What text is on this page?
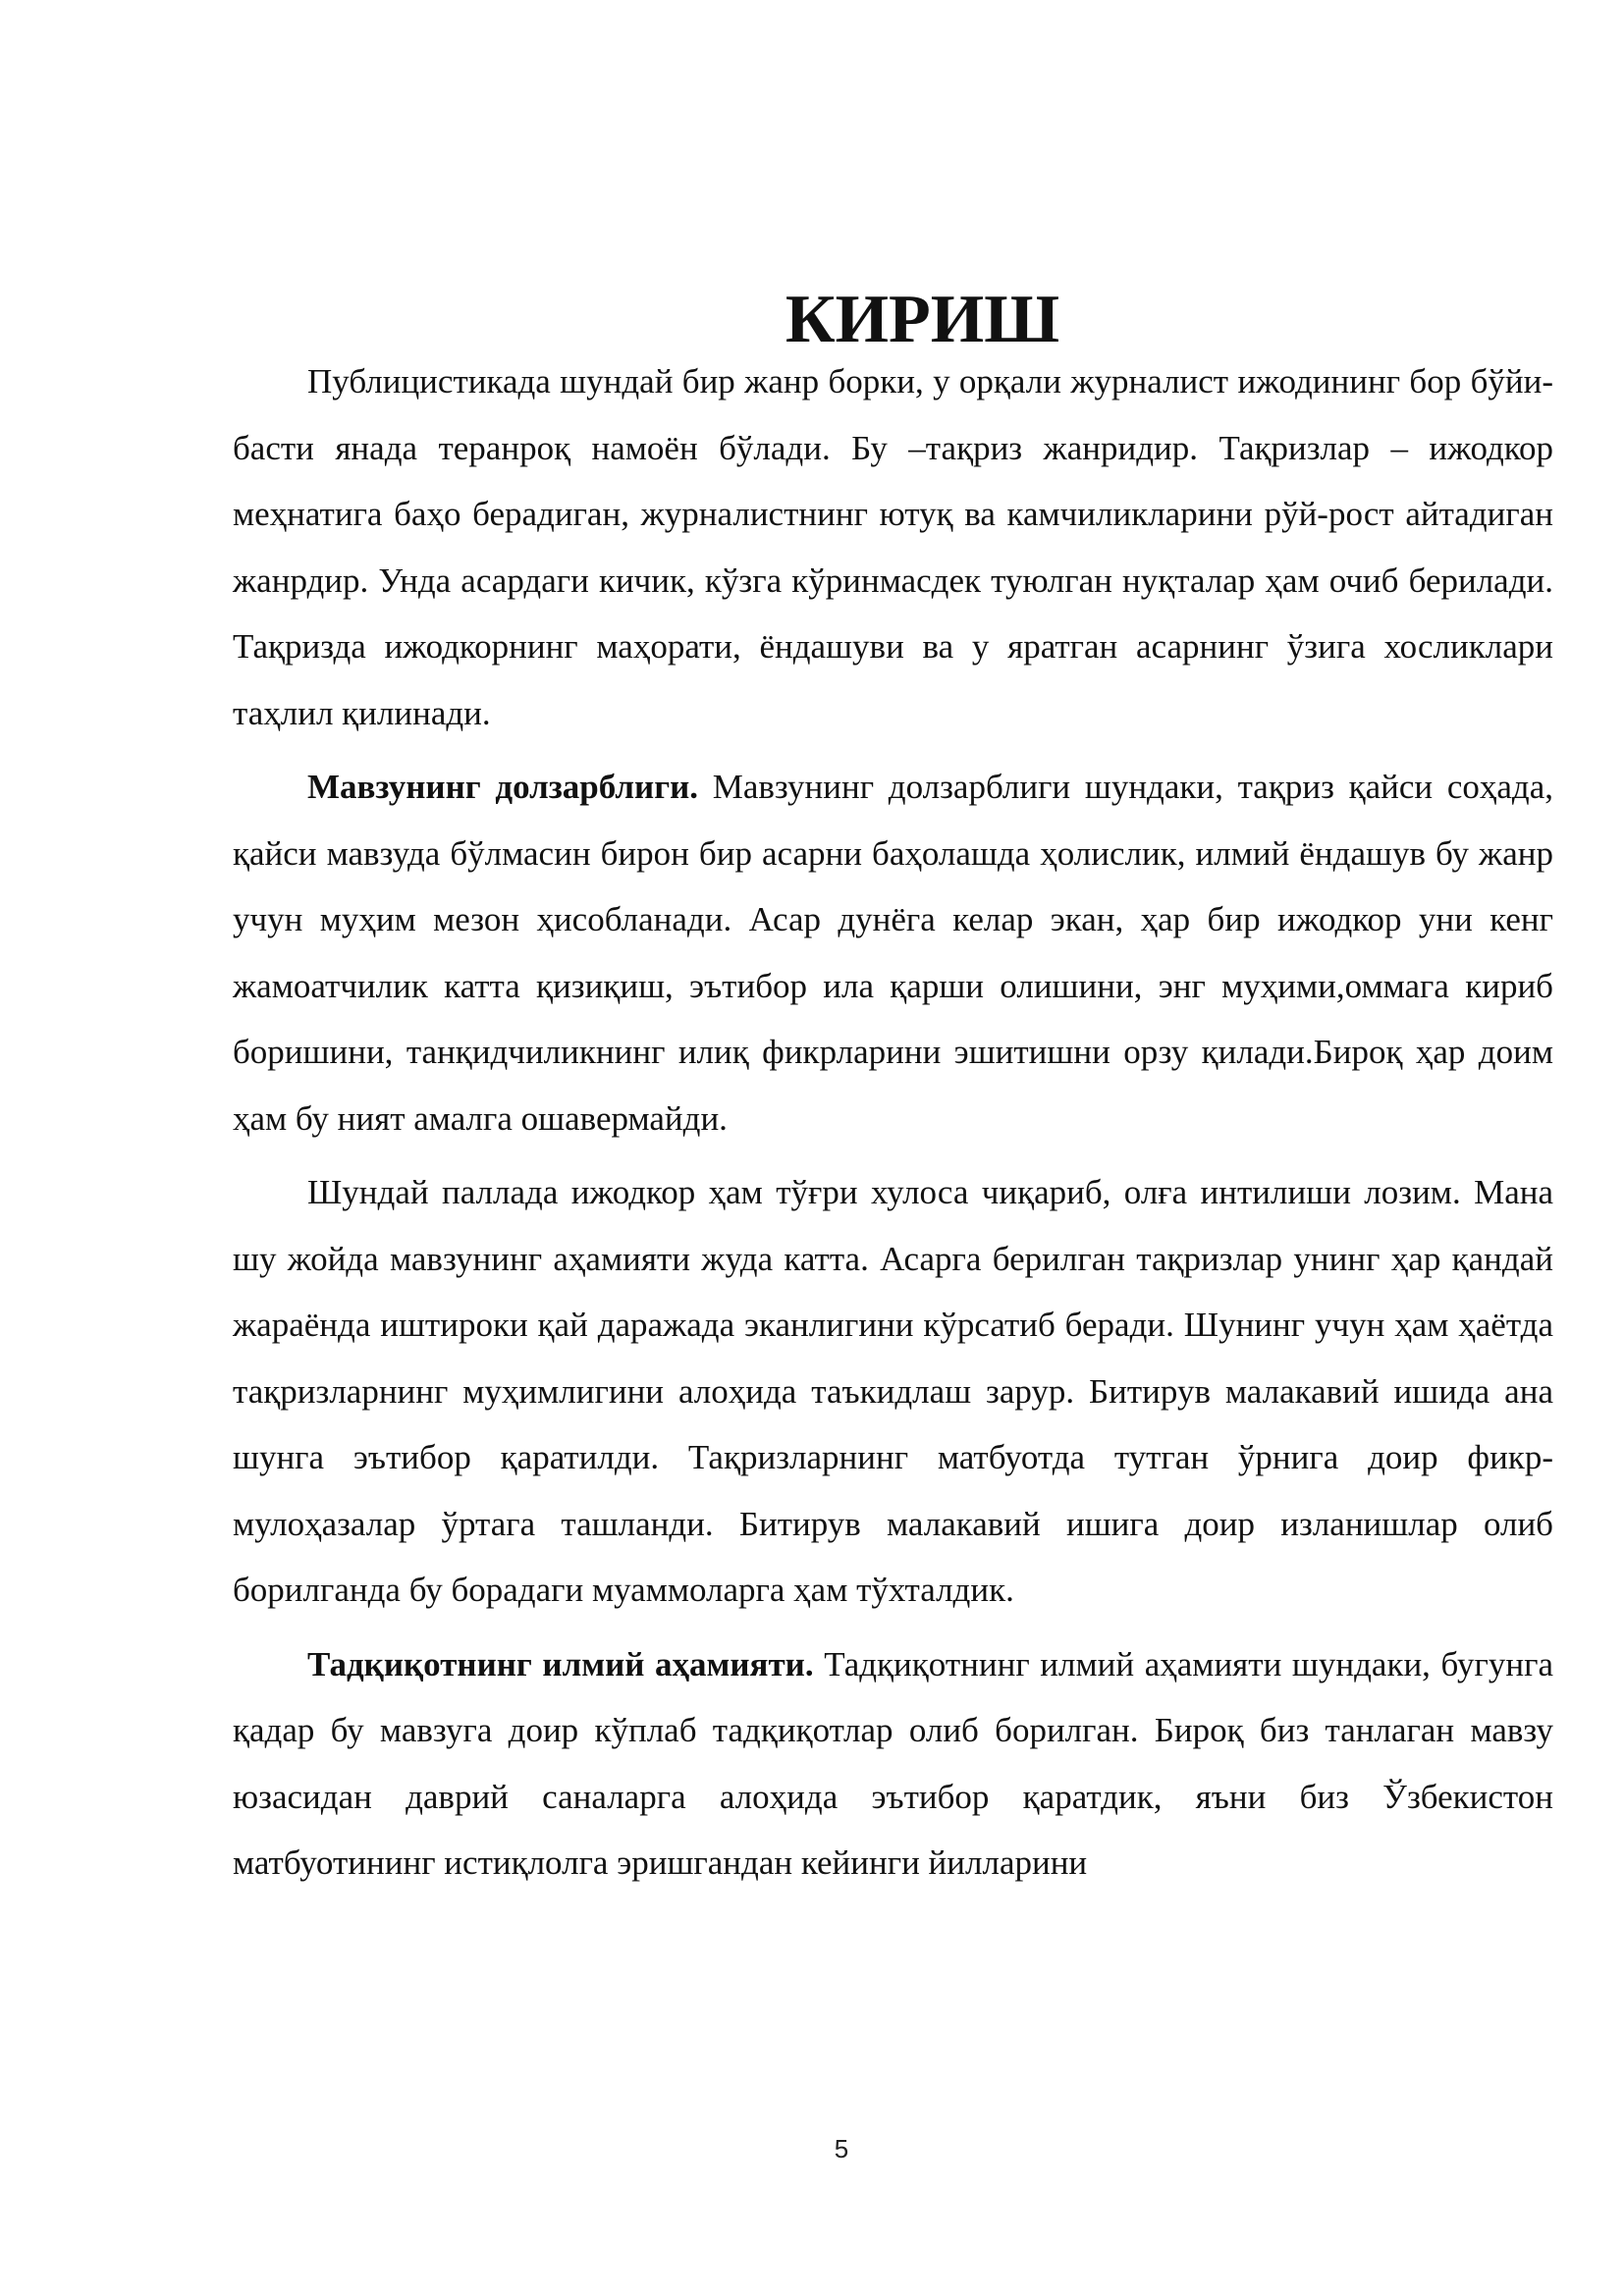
КИРИШ

Публицистикада шундай бир жанр борки, у орқали журналист ижодининг бор бўйи-басти янада теранроқ намоён бўлади. Бу –тақриз жанридир. Тақризлар – ижодкор меҳнатига баҳо берадиган, журналистнинг ютуқ ва камчиликларини рўй-рост айтадиган жанрдир. Унда асардаги кичик, кўзга кўринмасдек туюлган нуқталар ҳам очиб берилади. Тақризда ижодкорнинг маҳорати, ёндашуви ва у яратган асарнинг ўзига хосликлари таҳлил қилинади.

Мавзунинг долзарблиги. Мавзунинг долзарблиги шундаки, тақриз қайси соҳада, қайси мавзуда бўлмасин бирон бир асарни баҳолашда ҳолислик, илмий ёндашув бу жанр учун муҳим мезон ҳисобланади. Асар дунёга келар экан, ҳар бир ижодкор уни кенг жамоатчилик катта қизиқиш, эътибор ила қарши олишини, энг муҳими,оммага кириб боришини, танқидчиликнинг илиқ фикрларини эшитишни орзу қилади.Бироқ ҳар доим ҳам бу ният амалга ошавермайди.

Шундай паллада ижодкор ҳам тўғри хулоса чиқариб, олға интилиши лозим. Мана шу жойда мавзунинг аҳамияти жуда катта. Асарга берилган тақризлар унинг ҳар қандай жараёнда иштироки қай даражада эканлигини кўрсатиб беради. Шунинг учун ҳам ҳаётда тақризларнинг муҳимлигини алоҳида таъкидлаш зарур. Битирув малакавий ишида ана шунга эътибор қаратилди. Тақризларнинг матбуотда тутган ўрнига доир фикр-мулоҳазалар ўртага ташланди. Битирув малакавий ишига доир изланишлар олиб борилганда бу борадаги муаммоларга ҳам тўхталдик.

Тадқиқотнинг илмий аҳамияти. Тадқиқотнинг илмий аҳамияти шундаки, бугунга қадар бу мавзуга доир кўплаб тадқиқотлар олиб борилган. Бироқ биз танлаган мавзу юзасидан даврий саналарга алоҳида эътибор қаратдик, яъни биз Ўзбекистон матбуотининг истиқлолга эришгандан кейинги йилларини

5
